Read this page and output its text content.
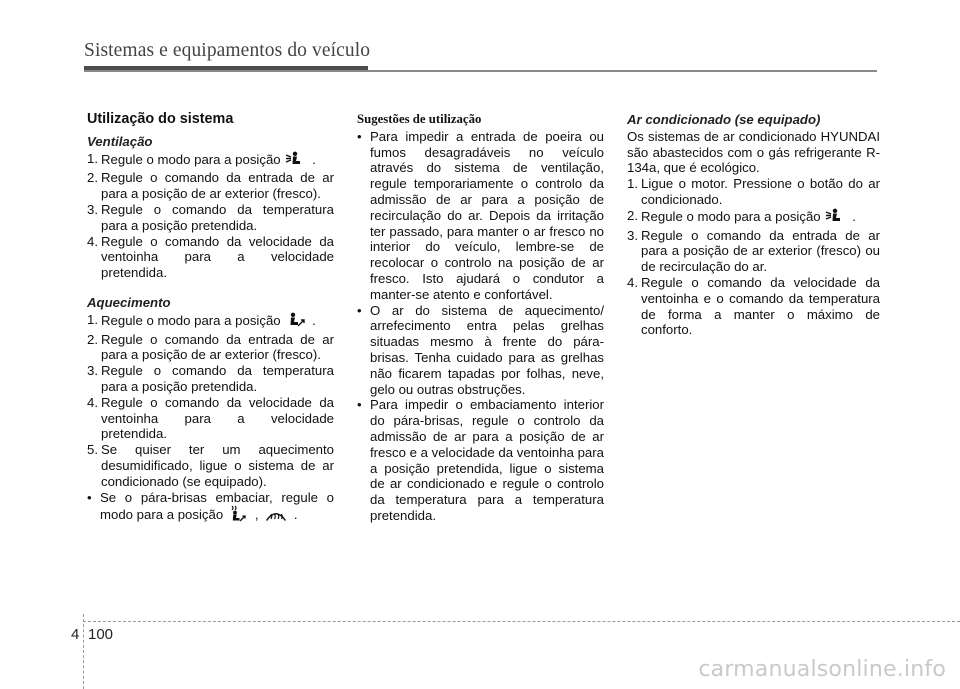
Sistemas e equipamentos do veículo
Utilização do sistema
Ventilação
1. Regule o modo para a posição .
2. Regule o comando da entrada de ar para a posição de ar exterior (fresco).
3. Regule o comando da temperatura para a posição pretendida.
4. Regule o comando da velocidade da ventoinha para a velocidade pretendida.
Aquecimento
1. Regule o modo para a posição .
2. Regule o comando da entrada de ar para a posição de ar exterior (fresco).
3. Regule o comando da temperatura para a posição pretendida.
4. Regule o comando da velocidade da ventoinha para a velocidade pretendida.
5. Se quiser ter um aquecimento desumidificado, ligue o sistema de ar condicionado (se equipado).
• Se o pára-brisas embaciar, regule o modo para a posição ,  .
Sugestões de utilização
• Para impedir a entrada de poeira ou fumos desagradáveis no veículo através do sistema de ventilação, regule temporariamente o controlo da admissão de ar para a posição de recirculação do ar. Depois da irritação ter passado, para manter o ar fresco no interior do veículo, lembre-se de recolocar o controlo na posição de ar fresco. Isto ajudará o condutor a manter-se atento e confortável.
• O ar do sistema de aquecimento/ arrefecimento entra pelas grelhas situadas mesmo à frente do pára-brisas. Tenha cuidado para as grelhas não ficarem tapadas por folhas, neve, gelo ou outras obstruções.
• Para impedir o embaciamento interior do pára-brisas, regule o controlo da admissão de ar para a posição de ar fresco e a velocidade da ventoinha para a posição pretendida, ligue o sistema de ar condicionado e regule o controlo da temperatura para a temperatura pretendida.
Ar condicionado (se equipado)

Os sistemas de ar condicionado HYUNDAI são abastecidos com o gás refrigerante R-134a, que é ecológico.

1. Ligue o motor. Pressione o botão do ar condicionado.
2. Regule o modo para a posição .
3. Regule o comando da entrada de ar para a posição de ar exterior (fresco) ou de recirculação do ar.
4. Regule o comando da velocidade da ventoinha e o comando da temperatura de forma a manter o máximo de conforto.
4 100
carmanualsonline.info
